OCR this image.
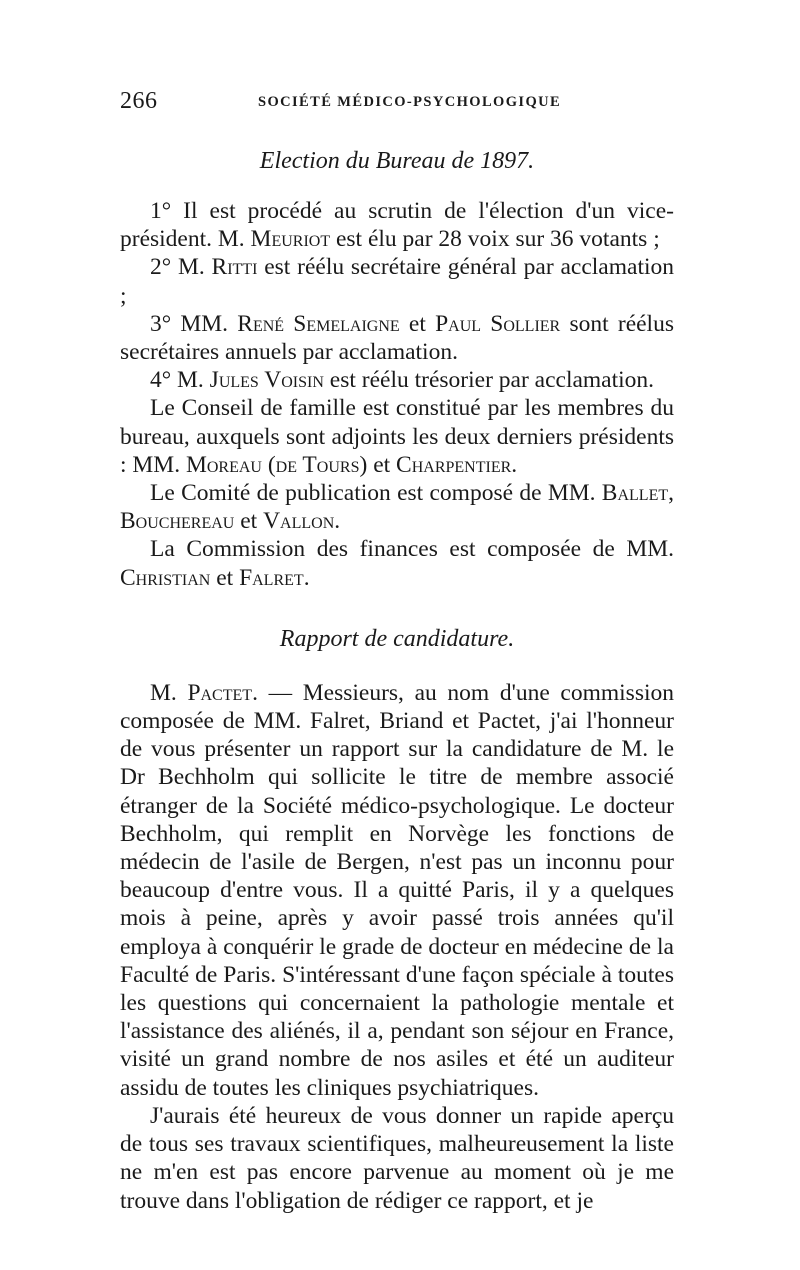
266	SOCIÉTÉ MÉDICO-PSYCHOLOGIQUE
Election du Bureau de 1897.

1° Il est procédé au scrutin de l'élection d'un vice-président. M. Meuriot est élu par 28 voix sur 36 votants ;

2° M. Ritti est réélu secrétaire général par acclamation ;

3° MM. René Semelaigne et Paul Sollier sont réélus secrétaires annuels par acclamation.

4° M. Jules Voisin est réélu trésorier par acclamation.

Le Conseil de famille est constitué par les membres du bureau, auxquels sont adjoints les deux derniers présidents : MM. Moreau (de Tours) et Charpentier.

Le Comité de publication est composé de MM. Ballet, Bouchereau et Vallon.

La Commission des finances est composée de MM. Christian et Falret.

Rapport de candidature.

M. Pactet. — Messieurs, au nom d'une commission composée de MM. Falret, Briand et Pactet, j'ai l'honneur de vous présenter un rapport sur la candidature de M. le Dr Bechholm qui sollicite le titre de membre associé étranger de la Société médico-psychologique. Le docteur Bechholm, qui remplit en Norvège les fonctions de médecin de l'asile de Bergen, n'est pas un inconnu pour beaucoup d'entre vous. Il a quitté Paris, il y a quelques mois à peine, après y avoir passé trois années qu'il employa à conquérir le grade de docteur en médecine de la Faculté de Paris. S'intéressant d'une façon spéciale à toutes les questions qui concernaient la pathologie mentale et l'assistance des aliénés, il a, pendant son séjour en France, visité un grand nombre de nos asiles et été un auditeur assidu de toutes les cliniques psychiatriques.

J'aurais été heureux de vous donner un rapide aperçu de tous ses travaux scientifiques, malheureusement la liste ne m'en est pas encore parvenue au moment où je me trouve dans l'obligation de rédiger ce rapport, et je
